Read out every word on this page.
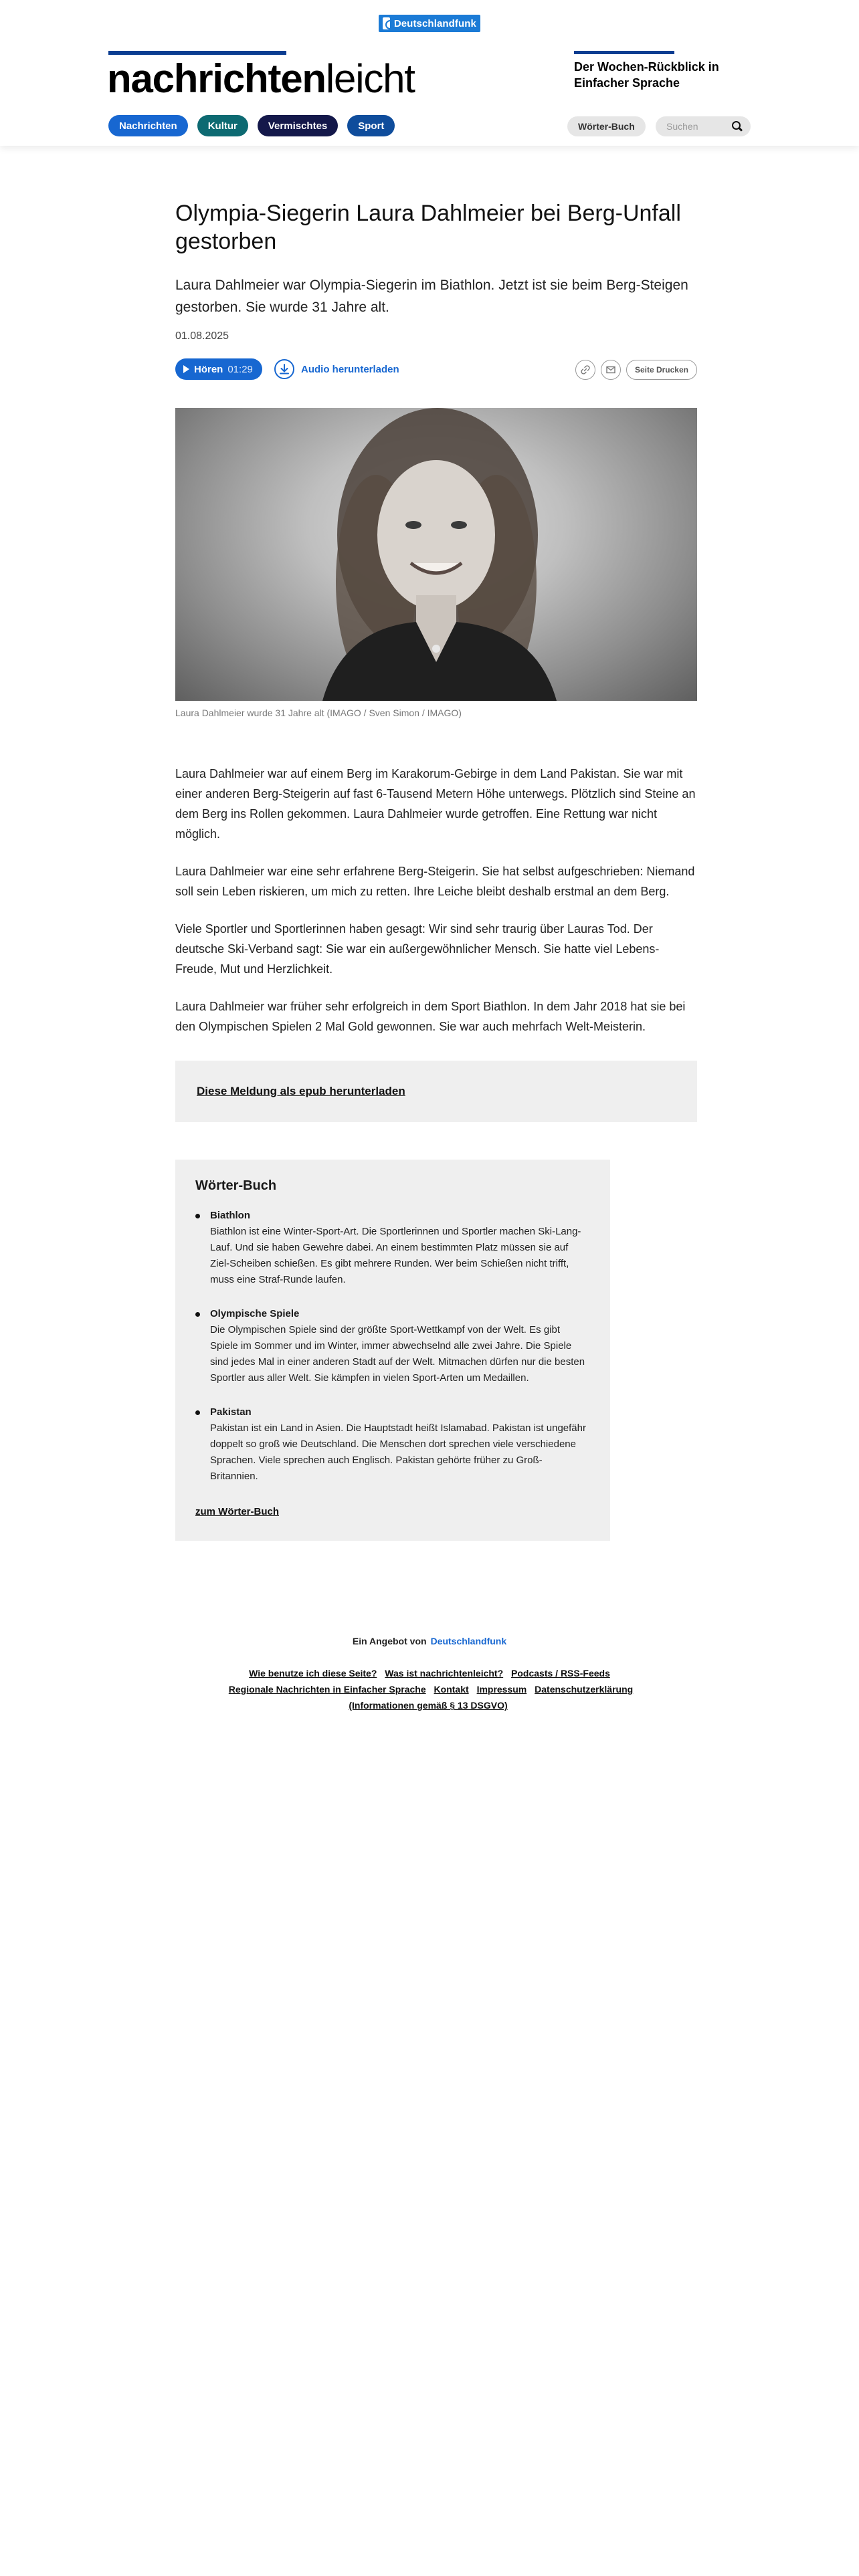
Deutschlandfunk
nachrichtenleicht	Der Wochen-Rückblick in Einfacher Sprache
Nachrichten	Kultur	Vermischtes	Sport	Wörter-Buch
Suchen
Olympia-Siegerin Laura Dahlmeier bei Berg-Unfall gestorben

Laura Dahlmeier war Olympia-Siegerin im Biathlon. Jetzt ist sie beim Berg-Steigen gestorben. Sie wurde 31 Jahre alt.

01.08.2025
Hören 01:29	Audio herunterladen	Seite Drucken
Laura Dahlmeier wurde 31 Jahre alt (IMAGO / Sven Simon / IMAGO)

Laura Dahlmeier war auf einem Berg im Karakorum-Gebirge in dem Land Pakistan. Sie war mit einer anderen Berg-Steigerin auf fast 6-Tausend Metern Höhe unterwegs. Plötzlich sind Steine an dem Berg ins Rollen gekommen. Laura Dahlmeier wurde getroffen. Eine Rettung war nicht möglich.

Laura Dahlmeier war eine sehr erfahrene Berg-Steigerin. Sie hat selbst aufgeschrieben: Niemand soll sein Leben riskieren, um mich zu retten. Ihre Leiche bleibt deshalb erstmal an dem Berg.

Viele Sportler und Sportlerinnen haben gesagt: Wir sind sehr traurig über Lauras Tod. Der deutsche Ski-Verband sagt: Sie war ein außergewöhnlicher Mensch. Sie hatte viel Lebens-Freude, Mut und Herzlichkeit.

Laura Dahlmeier war früher sehr erfolgreich in dem Sport Biathlon. In dem Jahr 2018 hat sie bei den Olympischen Spielen 2 Mal Gold gewonnen. Sie war auch mehrfach Welt-Meisterin.

Diese Meldung als epub herunterladen
Wörter-Buch
Biathlon
Biathlon ist eine Winter-Sport-Art. Die Sportlerinnen und Sportler machen Ski-Lang-Lauf. Und sie haben Gewehre dabei. An einem bestimmten Platz müssen sie auf Ziel-Scheiben schießen. Es gibt mehrere Runden. Wer beim Schießen nicht trifft, muss eine Straf-Runde laufen.
Olympische Spiele
Die Olympischen Spiele sind der größte Sport-Wettkampf von der Welt. Es gibt Spiele im Sommer und im Winter, immer abwechselnd alle zwei Jahre. Die Spiele sind jedes Mal in einer anderen Stadt auf der Welt. Mitmachen dürfen nur die besten Sportler aus aller Welt. Sie kämpfen in vielen Sport-Arten um Medaillen.
Pakistan
Pakistan ist ein Land in Asien. Die Hauptstadt heißt Islamabad. Pakistan ist ungefähr doppelt so groß wie Deutschland. Die Menschen dort sprechen viele verschiedene Sprachen. Viele sprechen auch Englisch. Pakistan gehörte früher zu Groß-Britannien.
zum Wörter-Buch
Ein Angebot von Deutschlandfunk
Wie benutze ich diese Seite? Was ist nachrichtenleicht? Podcasts / RSS-Feeds Regionale Nachrichten in Einfacher Sprache Kontakt Impressum Datenschutzerklärung (Informationen gemäß § 13 DSGVO)
